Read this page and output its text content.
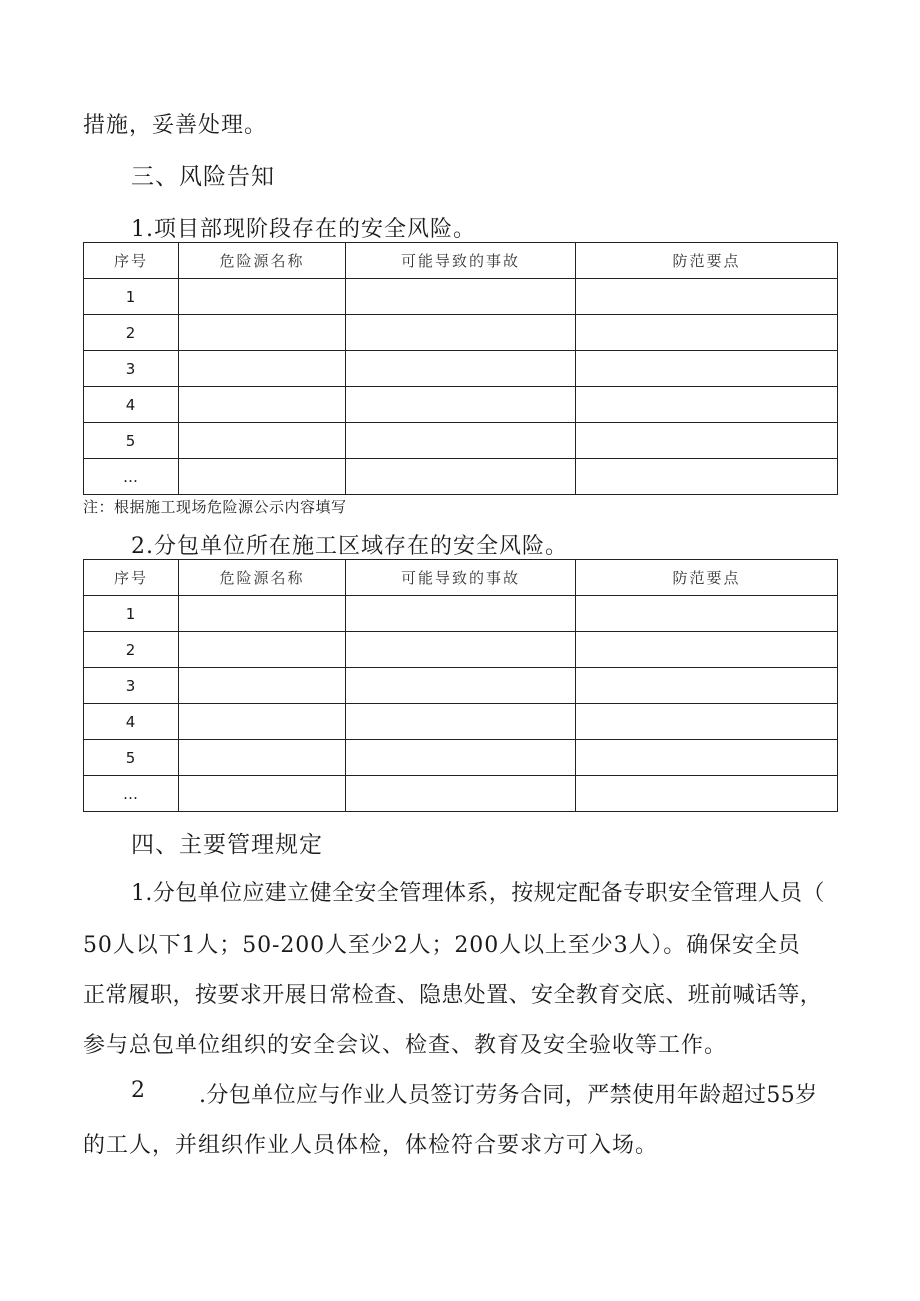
措施，妥善处理。
三、风险告知
1.项目部现阶段存在的安全风险。
序号	危险源名称	可能导致的事故	防范要点
1			
2			
3			
4			
5			
…			
注：根据施工现场危险源公示内容填写
2.分包单位所在施工区域存在的安全风险。
序号	危险源名称	可能导致的事故	防范要点
1			
2			
3			
4			
5			
…			
四、主要管理规定
1.分包单位应建立健全安全管理体系，按规定配备专职安全管理人员（
50人以下1人；50-200人至少2人；200人以上至少3人）。确保安全员
正常履职，按要求开展日常检查、隐患处置、安全教育交底、班前喊话等，
参与总包单位组织的安全会议、检查、教育及安全验收等工作。
2 .分包单位应与作业人员签订劳务合同，严禁使用年龄超过55岁
的工人，并组织作业人员体检，体检符合要求方可入场。
